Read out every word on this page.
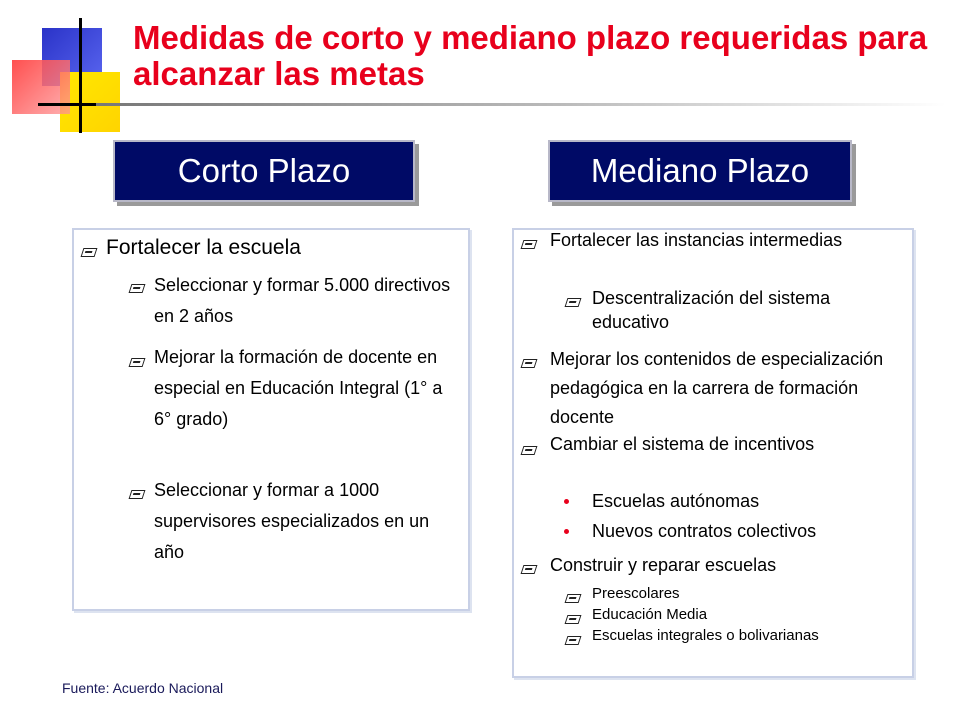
Medidas de corto y mediano plazo requeridas para alcanzar las metas
Corto Plazo	Mediano Plazo
Fortalecer la escuela
Seleccionar y formar 5.000 directivos en 2 años
Mejorar la formación de docente en especial en Educación Integral (1° a 6° grado)
Seleccionar y formar a 1000 supervisores especializados en un año
Fortalecer las instancias intermedias
Descentralización del sistema educativo
Mejorar los contenidos de especialización pedagógica en la carrera de formación docente
Cambiar el sistema de incentivos
Escuelas autónomas
Nuevos contratos colectivos
Construir y reparar escuelas
Preescolares
Educación Media
Escuelas integrales o bolivarianas
Fuente: Acuerdo Nacional
